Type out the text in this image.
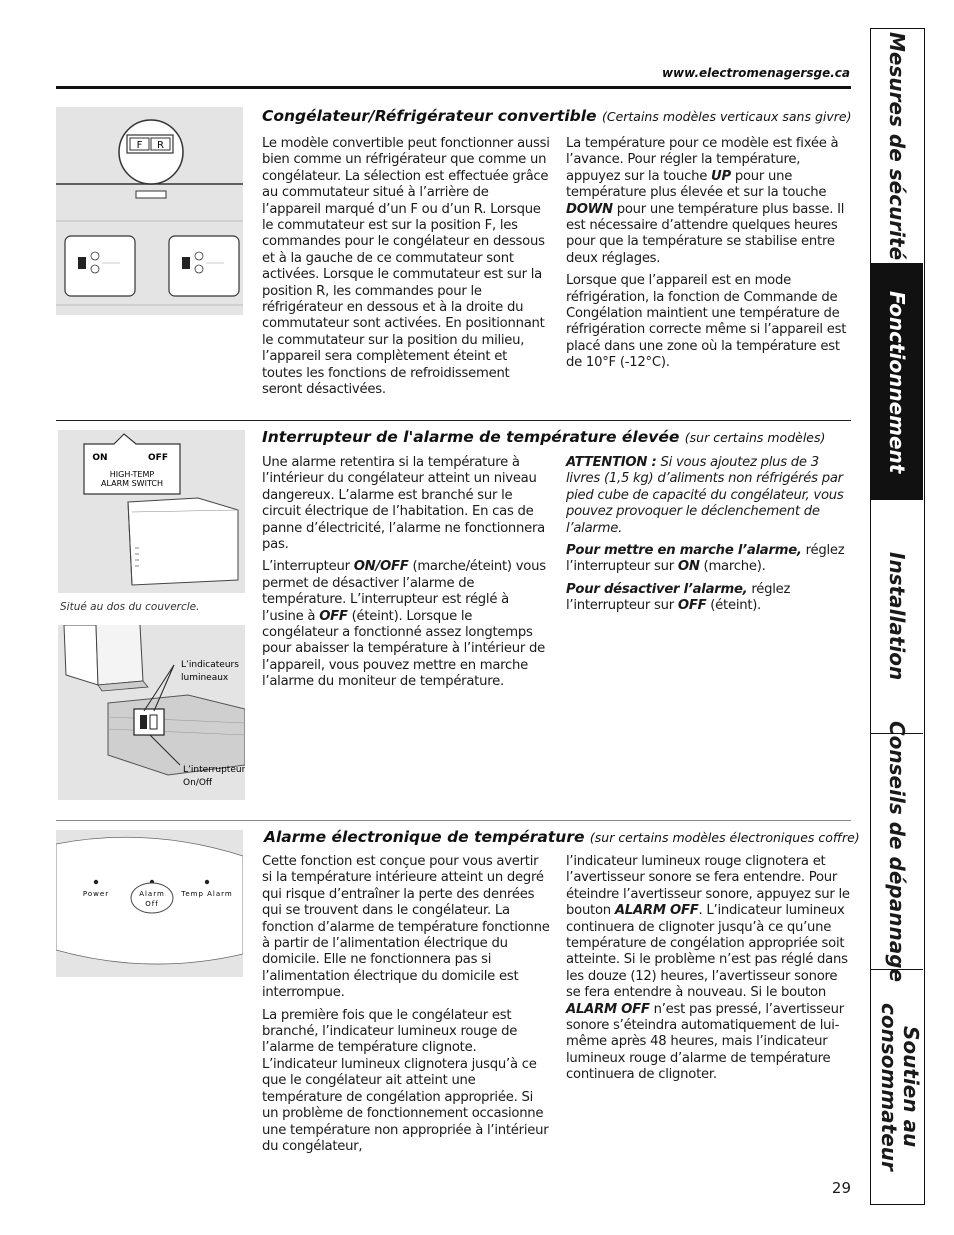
www.electromenagersge.ca
F R
Congélateur/Réfrigérateur convertible (Certains modèles verticaux sans givre)

Le modèle convertible peut fonctionner aussi bien comme un réfrigérateur que comme un congélateur. La sélection est effectuée grâce au commutateur situé à l’arrière de l’appareil marqué d’un F ou d’un R. Lorsque le commutateur est sur la position F, les commandes pour le congélateur en dessous et à la gauche de ce commutateur sont activées. Lorsque le commutateur est sur la position R, les commandes pour le réfrigérateur en dessous et à la droite du commutateur sont activées. En positionnant le commutateur sur la position du milieu, l’appareil sera complètement éteint et toutes les fonctions de refroidissement seront désactivées.

La température pour ce modèle est fixée à l’avance. Pour régler la température, appuyez sur la touche UP pour une température plus élevée et sur la touche DOWN pour une température plus basse. Il est nécessaire d’attendre quelques heures pour que la température se stabilise entre deux réglages.

Lorsque que l’appareil est en mode réfrigération, la fonction de Commande de Congélation maintient une température de réfrigération correcte même si l’appareil est placé dans une zone où la température est de 10°F (-12°C).

ON	OFF
HIGH-TEMP
ALARM SWITCH
Situé au dos du couvercle.
L’indicateurs
lumineaux
L’interrupteur
On/Off
Interrupteur de l'alarme de température élevée (sur certains modèles)

Une alarme retentira si la température à l’intérieur du congélateur atteint un niveau dangereux. L’alarme est branché sur le circuit électrique de l’habitation. En cas de panne d’électricité, l’alarme ne fonctionnera pas.

L’interrupteur ON/OFF (marche/éteint) vous permet de désactiver l’alarme de température. L’interrupteur est réglé à l’usine à OFF (éteint). Lorsque le congélateur a fonctionné assez longtemps pour abaisser la température à l’intérieur de l’appareil, vous pouvez mettre en marche l’alarme du moniteur de température.

ATTENTION : Si vous ajoutez plus de 3 livres (1,5 kg) d’aliments non réfrigérés par pied cube de capacité du congélateur, vous pouvez provoquer le déclenchement de l’alarme.

Pour mettre en marche l’alarme, réglez l’interrupteur sur ON (marche).

Pour désactiver l’alarme, réglez l’interrupteur sur OFF (éteint).

Power	Alarm
Off
Temp Alarm
Alarme électronique de température (sur certains modèles électroniques coffre)

Cette fonction est conçue pour vous avertir si la température intérieure atteint un degré qui risque d’entraîner la perte des denrées qui se trouvent dans le congélateur. La fonction d’alarme de température fonctionne à partir de l’alimentation électrique du domicile. Elle ne fonctionnera pas si l’alimentation électrique du domicile est interrompue.

La première fois que le congélateur est branché, l’indicateur lumineux rouge de l’alarme de température clignote. L’indicateur lumineux clignotera jusqu’à ce que le congélateur ait atteint une température de congélation appropriée. Si un problème de fonctionnement occasionne une température non appropriée à l’intérieur du congélateur,

l’indicateur lumineux rouge clignotera et l’avertisseur sonore se fera entendre. Pour éteindre l’avertisseur sonore, appuyez sur le bouton ALARM OFF. L’indicateur lumineux continuera de clignoter jusqu’à ce qu’une température de congélation appropriée soit atteinte. Si le problème n’est pas réglé dans les douze (12) heures, l’avertisseur sonore se fera entendre à nouveau. Si le bouton ALARM OFF n’est pas pressé, l’avertisseur sonore s’éteindra automatiquement de lui-même après 48 heures, mais l’indicateur lumineux rouge d’alarme de température continuera de clignoter.

Mesures de sécurité
Fonctionnement
Installation
Conseils de dépannage
Soutien au consommateur
29
